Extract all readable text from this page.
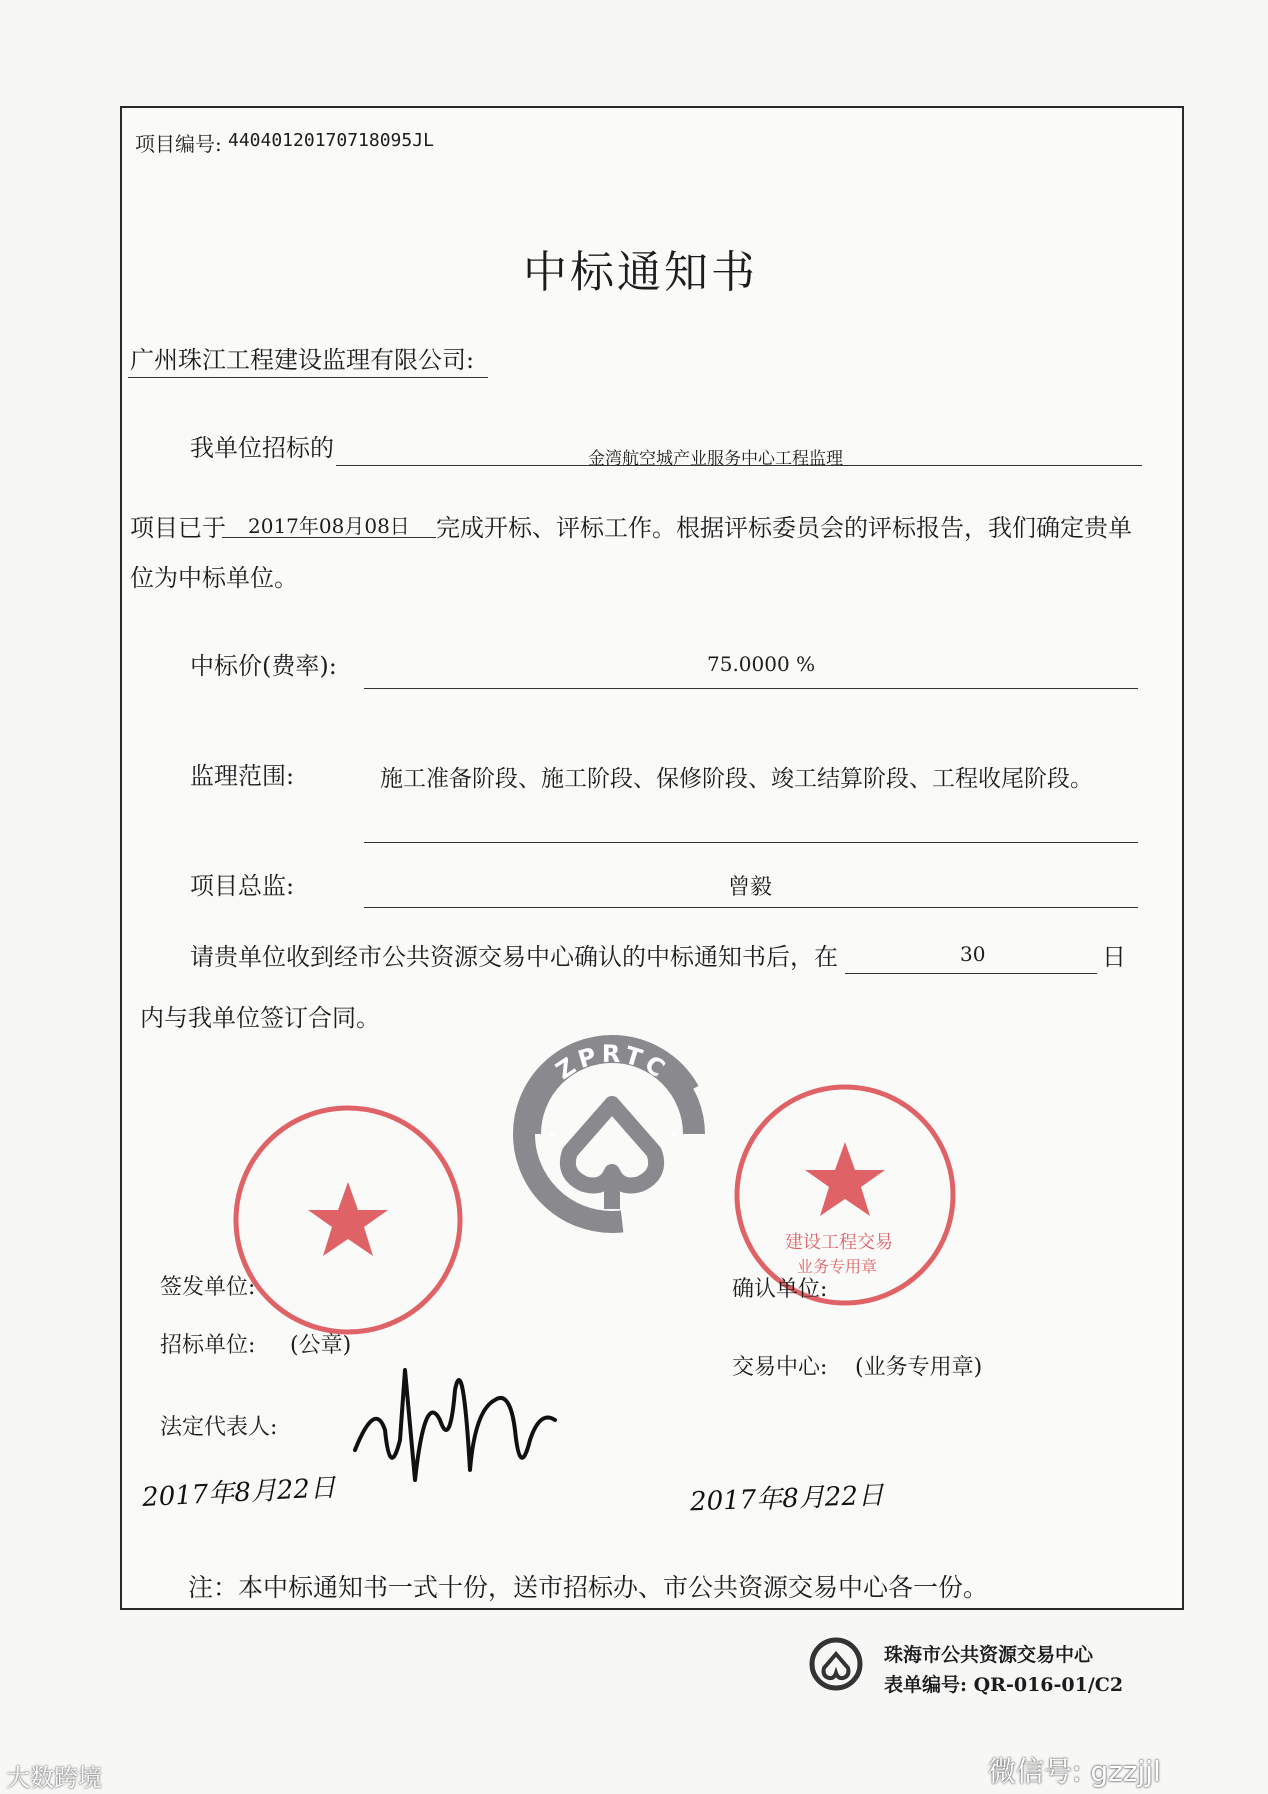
项目编号: 44040120170718095JL
中标通知书
广州珠江工程建设监理有限公司:
我单位招标的	金湾航空城产业服务中心工程监理
项目已于 2017年08月08日 完成开标、评标工作。根据评标委员会的评标报告，我们确定贵单
位为中标单位。
中标价(费率):	75.0000 %
监理范围:	施工准备阶段、施工阶段、保修阶段、竣工结算阶段、工程收尾阶段。
项目总监:	曾毅
请贵单位收到经市公共资源交易中心确认的中标通知书后，在	30	日
内与我单位签订合同。
ZPRTC
★	★
建设工程交易
业务专用章
签发单位:
招标单位: (公章)
法定代表人:
2017年8月22日
确认单位:
交易中心: (业务专用章)
2017年8月22日
注：本中标通知书一式十份，送市招标办、市公共资源交易中心各一份。
珠海市公共资源交易中心
表单编号: QR-016-01/C2
大数跨境	微信号: gzzjjl
